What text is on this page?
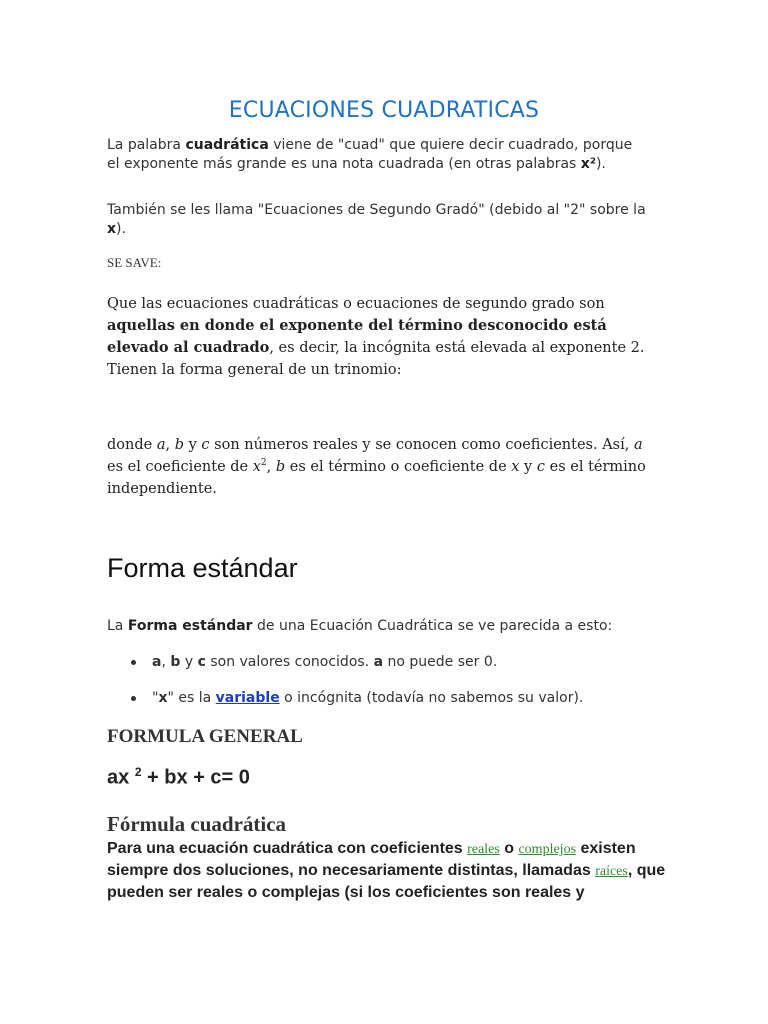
ECUACIONES CUADRATICAS
La palabra cuadrática viene de "cuad" que quiere decir cuadrado, porque el exponente más grande es una nota cuadrada (en otras palabras x²).
También se les llama "Ecuaciones de Segundo Gradó" (debido al "2" sobre la x).
SE SAVE:
Que las ecuaciones cuadráticas o ecuaciones de segundo grado son aquellas en donde el exponente del término desconocido está elevado al cuadrado, es decir, la incógnita está elevada al exponente 2. Tienen la forma general de un trinomio:
donde a, b y c son números reales y se conocen como coeficientes. Así, a es el coeficiente de $x^2$, b es el término o coeficiente de x y c es el término independiente.
Forma estándar
La Forma estándar de una Ecuación Cuadrática se ve parecida a esto:
a, b y c son valores conocidos. a no puede ser 0.
"x" es la variable o incógnita (todavía no sabemos su valor).
FORMULA GENERAL
ax $^2$ + bx + c= 0
Fórmula cuadrática
Para una ecuación cuadrática con coeficientes reales o complejos existen siempre dos soluciones, no necesariamente distintas, llamadas raíces, que pueden ser reales o complejas (si los coeficientes son reales y
